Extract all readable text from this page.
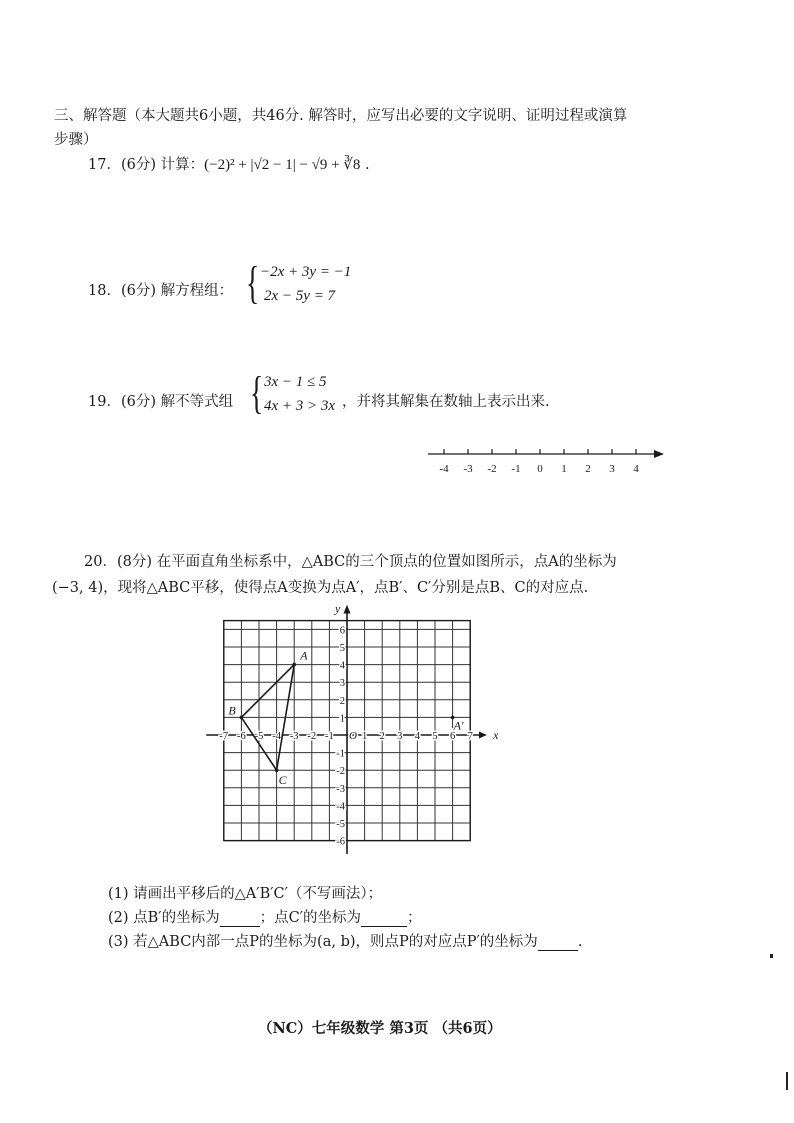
三、解答题（本大题共6小题，共46分. 解答时，应写出必要的文字说明、证明过程或演算
步骤）
17．(6分) 计算：(−2)² + |√2 − 1| − √9 + ∛8 .
18．(6分) 解方程组： { −2x + 3y = −1
2x − 5y = 7
19．(6分) 解不等式组 { 3x − 1 ≤ 5
4x + 3 > 3x ，并将其解集在数轴上表示出来.
-4 -3 -2 -1 0 1 2 3 4
20．(8分) 在平面直角坐标系中，△ABC的三个顶点的位置如图所示，点A的坐标为
(−3, 4)，现将△ABC平移，使得点A变换为点A′，点B′、C′分别是点B、C的对应点.
x
y
O
-7 -6 -5 -4 -3 -2 -1	1 2 3 4 5 6 7
6
5
4
3
2
1
-1
-2
-3
-4
-5
-6
A
B
C
A′
(1) 请画出平移后的△A′B′C′（不写画法）；
(2) 点B′的坐标为	；点C′的坐标为	；
(3) 若△ABC内部一点P的坐标为(a, b)，则点P的对应点P′的坐标为	.
（NC）七年级数学 第3页 （共6页）
